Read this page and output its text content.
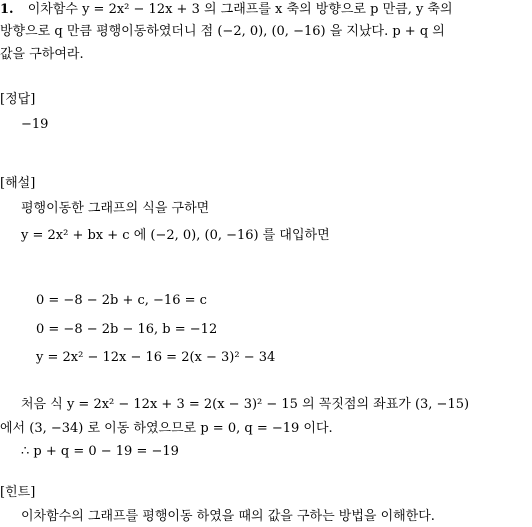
1. 이차함수 y = 2x² − 12x + 3 의 그래프를 x 축의 방향으로 p 만큼, y 축의
방향으로 q 만큼 평행이동하였더니 점 (−2, 0), (0, −16) 을 지났다. p + q 의
값을 구하여라.
[정답]
−19
[해설]
평행이동한 그래프의 식을 구하면
y = 2x² + bx + c 에 (−2, 0), (0, −16) 를 대입하면
0 = −8 − 2b + c, −16 = c
0 = −8 − 2b − 16, b = −12
y = 2x² − 12x − 16 = 2(x − 3)² − 34
처음 식 y = 2x² − 12x + 3 = 2(x − 3)² − 15 의 꼭짓점의 좌표가 (3, −15)
에서 (3, −34) 로 이동 하였으므로 p = 0, q = −19 이다.
∴ p + q = 0 − 19 = −19
[힌트]
이차함수의 그래프를 평행이동 하였을 때의 값을 구하는 방법을 이해한다.
